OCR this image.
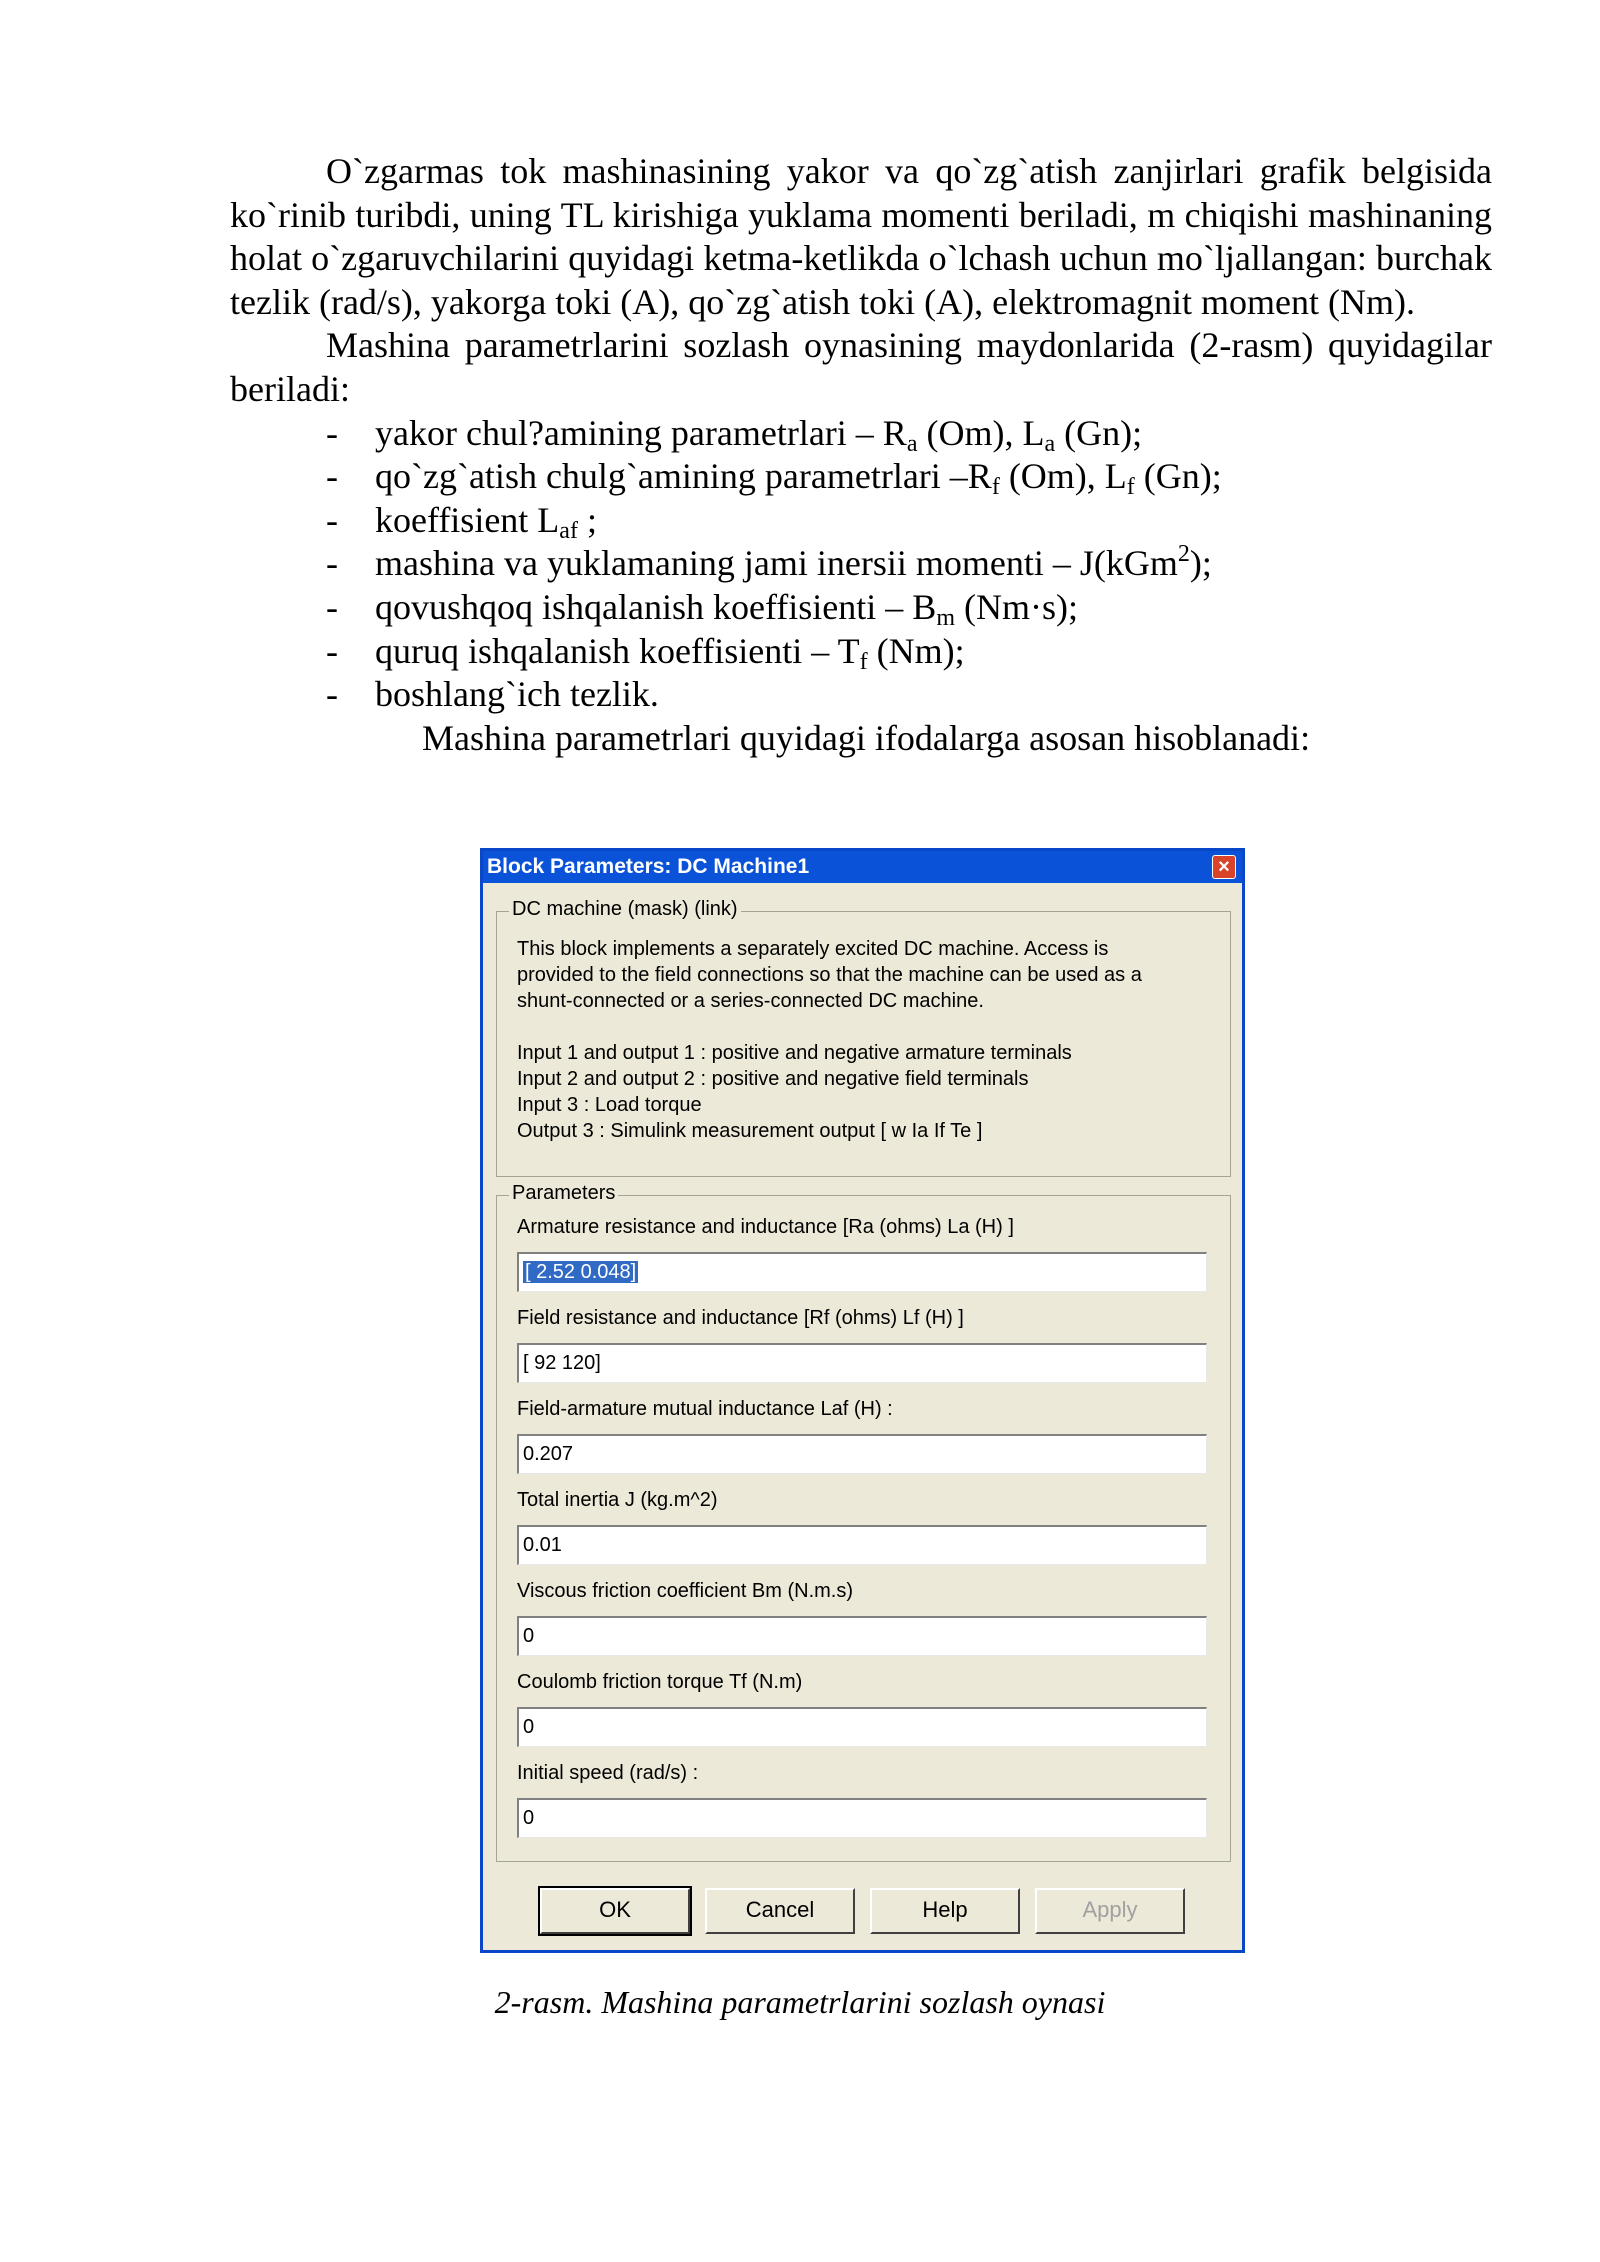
O`zgarmas tok mashinasining yakor va qo`zg`atish zanjirlari grafik belgisida ko`rinib turibdi, uning TL kirishiga yuklama momenti beriladi, m chiqishi mashinaning holat o`zgaruvchilarini quyidagi ketma-ketlikda o`lchash uchun mo`ljallangan: burchak tezlik (rad/s), yakorga toki (A), qo`zg`atish toki (A), elektromagnit moment (Nm).

Mashina parametrlarini sozlash oynasining maydonlarida (2-rasm) quyidagilar beriladi:

- yakor chul?amining parametrlari – $R_a$ (Om), $L_a$ (Gn);
- qo`zg`atish chulg`amining parametrlari $-R_f$ (Om), $L_f$ (Gn);
- koeffisient $L_{af}$ ;
- mashina va yuklamaning jami inersii momenti – J(kGm$^2$);
- qovushqoq ishqalanish koeffisienti – $B_m$ (Nm·s);
- quruq ishqalanish koeffisienti – $T_f$ (Nm);
- boshlang`ich tezlik.

Mashina parametrlari quyidagi ifodalarga asosan hisoblanadi:

Block Parameters: DC Machine1	×
DC machine (mask) (link)
This block implements a separately excited DC machine. Access is
provided to the field connections so that the machine can be used as a
shunt-connected or a series-connected DC machine.
Input 1 and output 1 : positive and negative armature terminals
Input 2 and output 2 : positive and negative field terminals
Input 3 : Load torque
Output 3 : Simulink measurement output [ w Ia If Te ]
Parameters
Armature resistance and inductance [Ra (ohms) La (H) ]
[ 2.52 0.048]
Field resistance and inductance [Rf (ohms) Lf (H) ]
[ 92 120]
Field-armature mutual inductance Laf (H) :
0.207
Total inertia J (kg.m^2)
0.01
Viscous friction coefficient Bm (N.m.s)
0
Coulomb friction torque Tf (N.m)
0
Initial speed (rad/s) :
0
OK	Cancel	Help	Apply
2-rasm. Mashina parametrlarini sozlash oynasi
